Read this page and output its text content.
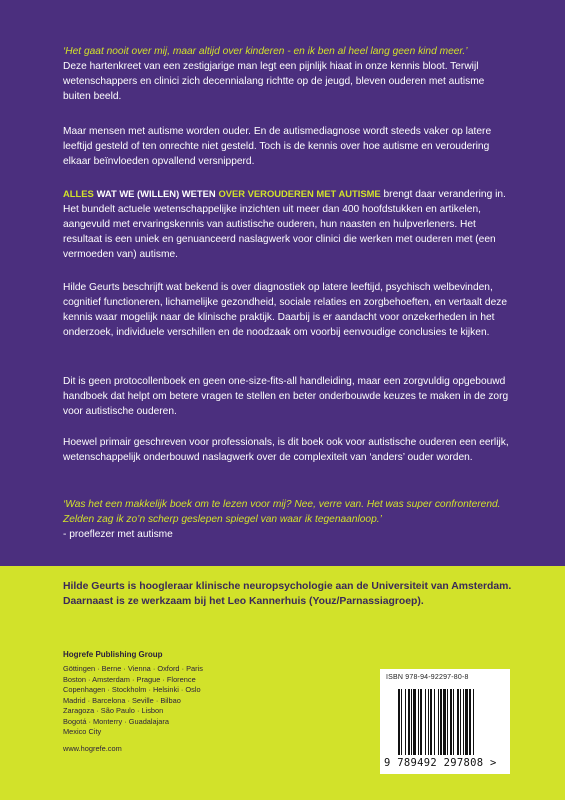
‘Het gaat nooit over mij, maar altijd over kinderen - en ik ben al heel lang geen kind meer.’
Deze hartenkreet van een zestigjarige man legt een pijnlijk hiaat in onze kennis bloot. Terwijl wetenschappers en clinici zich decennialang richtte op de jeugd, bleven ouderen met autisme buiten beeld.

Maar mensen met autisme worden ouder. En de autismediagnose wordt steeds vaker op latere leeftijd gesteld of ten onrechte niet gesteld. Toch is de kennis over hoe autisme en veroudering elkaar beïnvloeden opvallend versnipperd.

ALLES WAT WE (WILLEN) WETEN OVER VEROUDEREN MET AUTISME brengt daar verandering in. Het bundelt actuele wetenschappelijke inzichten uit meer dan 400 hoofdstukken en artikelen, aangevuld met ervaringskennis van autistische ouderen, hun naasten en hulpverleners. Het resultaat is een uniek en genuanceerd naslagwerk voor clinici die werken met ouderen met (een vermoeden van) autisme.

Hilde Geurts beschrijft wat bekend is over diagnostiek op latere leeftijd, psychisch welbevinden, cognitief functioneren, lichamelijke gezondheid, sociale relaties en zorgbehoeften, en vertaalt deze kennis waar mogelijk naar de klinische praktijk. Daarbij is er aandacht voor onzekerheden in het onderzoek, individuele verschillen en de noodzaak om voorbij eenvoudige conclusies te kijken.

Dit is geen protocollenboek en geen one-size-fits-all handleiding, maar een zorgvuldig opgebouwd handboek dat helpt om betere vragen te stellen en beter onderbouwde keuzes te maken in de zorg voor autistische ouderen.

Hoewel primair geschreven voor professionals, is dit boek ook voor autistische ouderen een eerlijk, wetenschappelijk onderbouwd naslagwerk over de complexiteit van ‘anders’ ouder worden.

‘Was het een makkelijk boek om te lezen voor mij? Nee, verre van. Het was super confronterend. Zelden zag ik zo’n scherp geslepen spiegel van waar ik tegenaanloop.’
- proeflezer met autisme

Hilde Geurts is hoogleraar klinische neuropsychologie aan de Universiteit van Amsterdam. Daarnaast is ze werkzaam bij het Leo Kannerhuis (Youz/Parnassiagroep).
Hogrefe Publishing Group
Göttingen · Berne · Vienna · Oxford · Paris
Boston · Amsterdam · Prague · Florence
Copenhagen · Stockholm · Helsinki · Oslo
Madrid · Barcelona · Seville · Bilbao
Zaragoza · São Paulo · Lisbon
Bogotá · Monterry · Guadalajara
Mexico City
www.hogrefe.com
ISBN 978-94-92297-80-8
9 789492 297808 >
